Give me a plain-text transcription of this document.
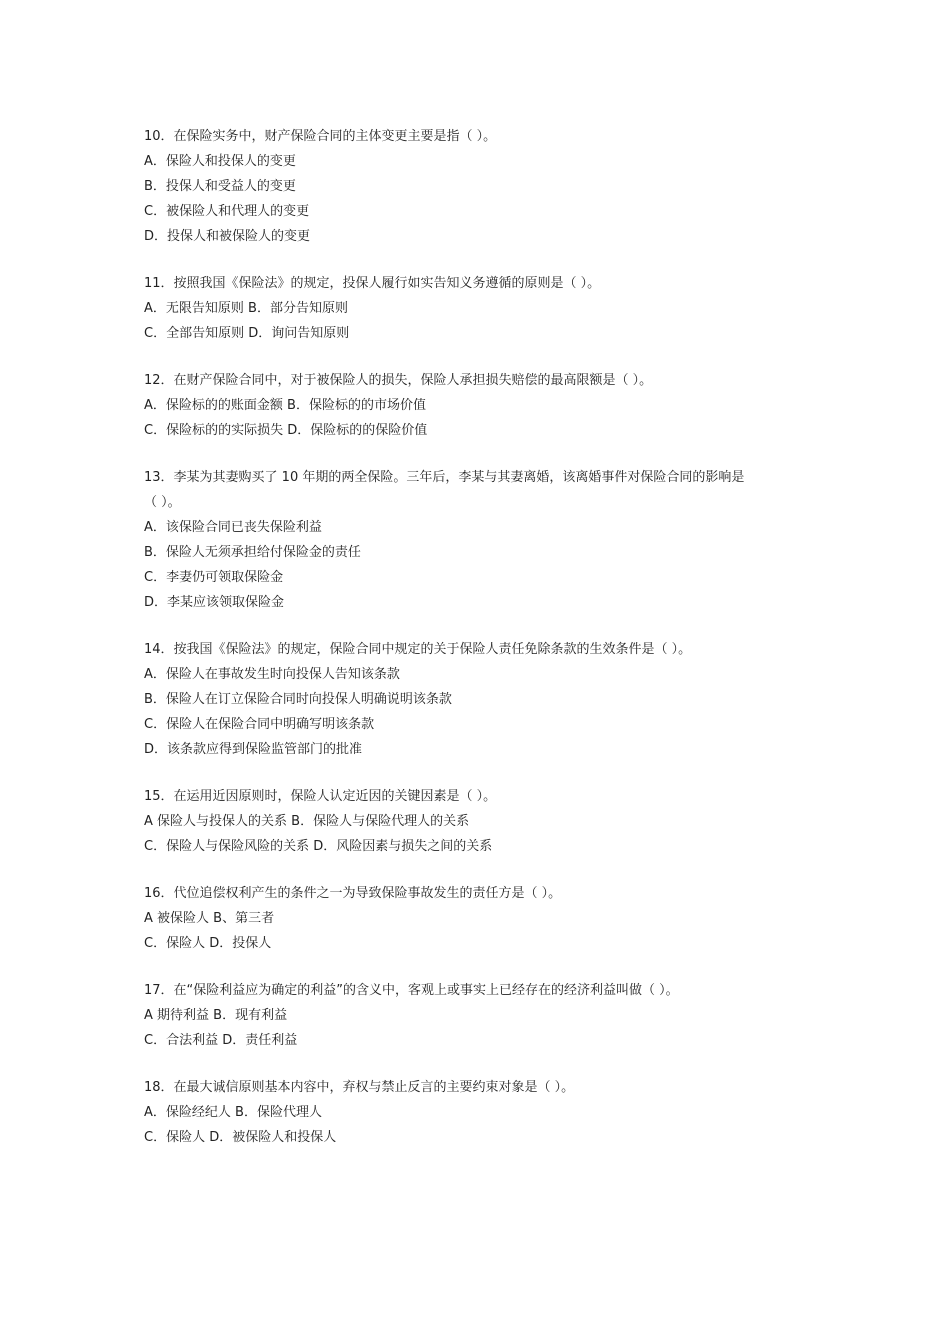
10．在保险实务中，财产保险合同的主体变更主要是指（ ）。
A．保险人和投保人的变更
B．投保人和受益人的变更
C．被保险人和代理人的变更
D．投保人和被保险人的变更
11．按照我国《保险法》的规定，投保人履行如实告知义务遵循的原则是（ ）。
A．无限告知原则 B．部分告知原则
C．全部告知原则 D．询问告知原则
12．在财产保险合同中，对于被保险人的损失，保险人承担损失赔偿的最高限额是（ ）。
A．保险标的的账面金额 B．保险标的的市场价值
C．保险标的的实际损失 D．保险标的的保险价值
13．李某为其妻购买了 10 年期的两全保险。三年后，李某与其妻离婚，该离婚事件对保险合同的影响是
（ ）。
A．该保险合同已丧失保险利益
B．保险人无须承担给付保险金的责任
C．李妻仍可领取保险金
D．李某应该领取保险金
14．按我国《保险法》的规定，保险合同中规定的关于保险人责任免除条款的生效条件是（ ）。
A．保险人在事故发生时向投保人告知该条款
B．保险人在订立保险合同时向投保人明确说明该条款
C．保险人在保险合同中明确写明该条款
D．该条款应得到保险监管部门的批准
15．在运用近因原则时，保险人认定近因的关键因素是（ ）。
A 保险人与投保人的关系 B．保险人与保险代理人的关系
C．保险人与保险风险的关系 D．风险因素与损失之间的关系
16．代位追偿权利产生的条件之一为导致保险事故发生的责任方是（ ）。
A 被保险人 B、第三者
C．保险人 D．投保人
17．在“保险利益应为确定的利益”的含义中，客观上或事实上已经存在的经济利益叫做（ ）。
A 期待利益 B．现有利益
C．合法利益 D．责任利益
18．在最大诚信原则基本内容中，弃权与禁止反言的主要约束对象是（ ）。
A．保险经纪人 B．保险代理人
C．保险人 D．被保险人和投保人
